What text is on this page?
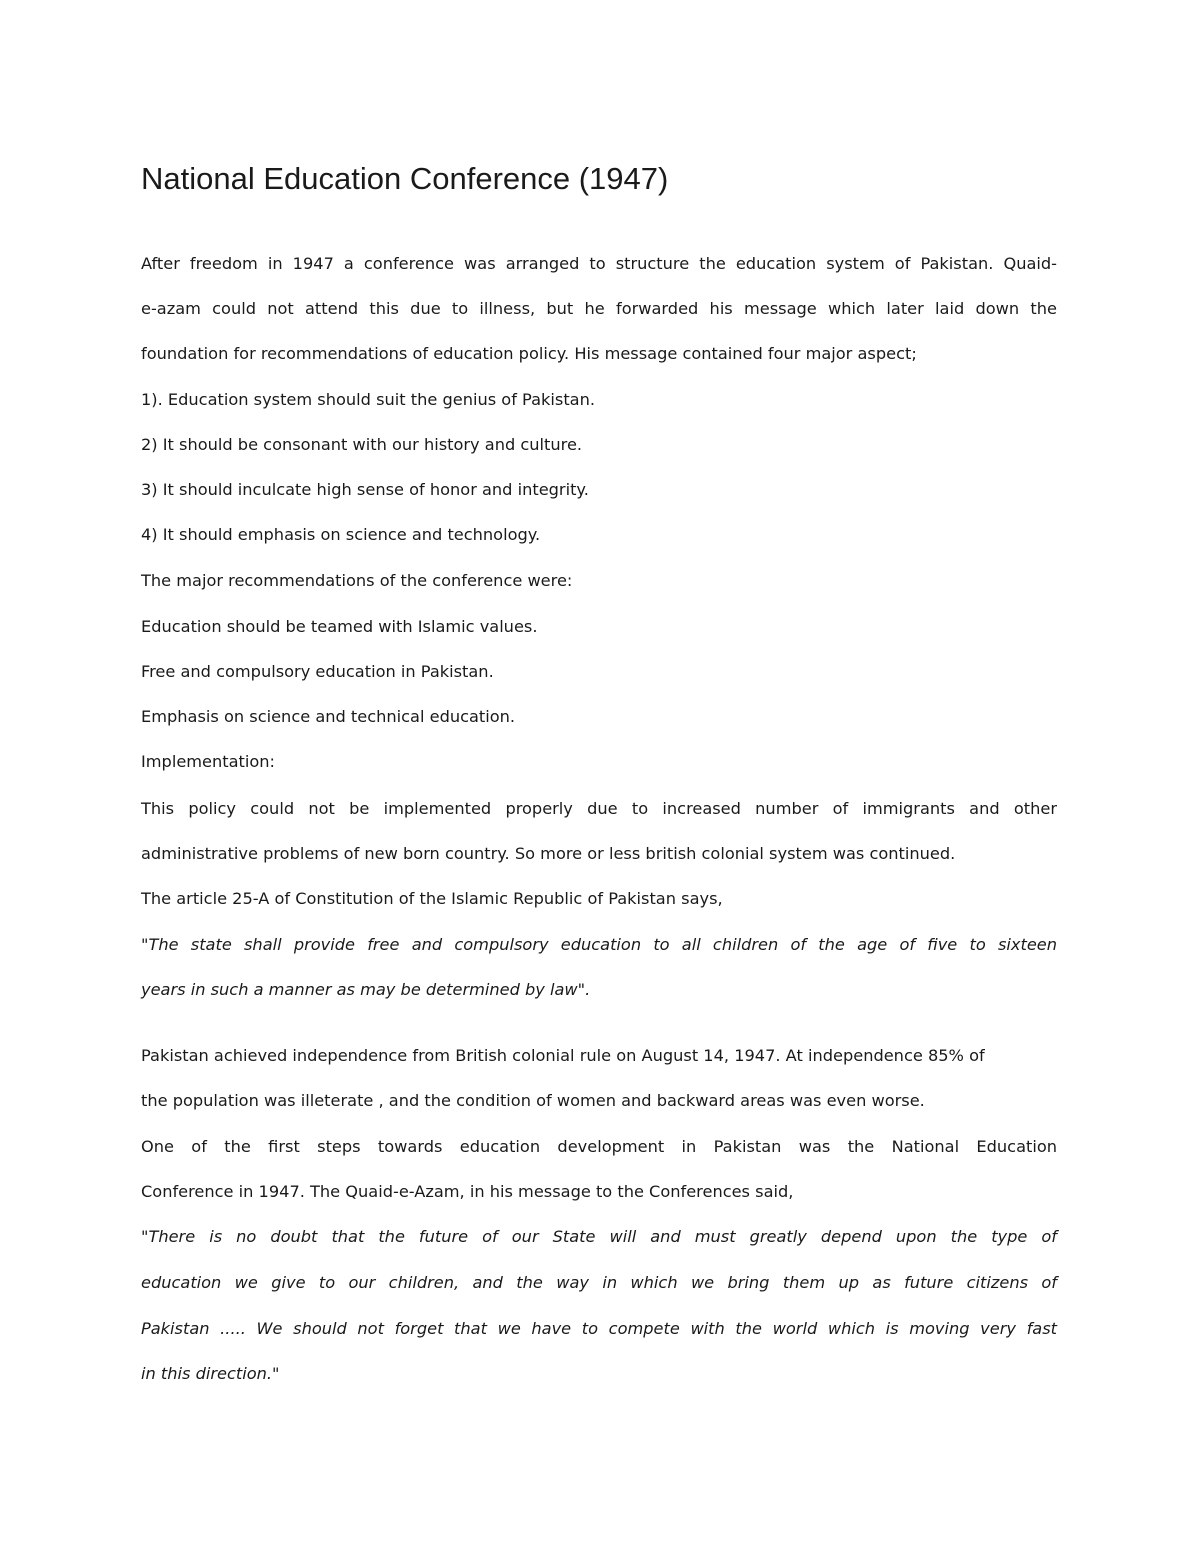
National Education Conference (1947)

After freedom in 1947 a conference was arranged to structure the education system of Pakistan. Quaid-

e-azam could not attend this due to illness, but he forwarded his message which later laid down the

foundation for recommendations of education policy. His message contained four major aspect;

1). Education system should suit the genius of Pakistan.

2) It should be consonant with our history and culture.

3) It should inculcate high sense of honor and integrity.

4) It should emphasis on science and technology.

The major recommendations of the conference were:

Education should be teamed with Islamic values.

Free and compulsory education in Pakistan.

Emphasis on science and technical education.

Implementation:

This policy could not be implemented properly due to increased number of immigrants and other

administrative problems of new born country. So more or less british colonial system was continued.

The article 25-A of Constitution of the Islamic Republic of Pakistan says,

"The state shall provide free and compulsory education to all children of the age of five to sixteen

years in such a manner as may be determined by law".

Pakistan achieved independence from British colonial rule on August 14, 1947. At independence 85% of

the population was illeterate , and the condition of women and backward areas was even worse.

One of the first steps towards education development in Pakistan was the National Education

Conference in 1947. The Quaid-e-Azam, in his message to the Conferences said,

"There is no doubt that the future of our State will and must greatly depend upon the type of

education we give to our children, and the way in which we bring them up as future citizens of

Pakistan ..... We should not forget that we have to compete with the world which is moving very fast

in this direction."
